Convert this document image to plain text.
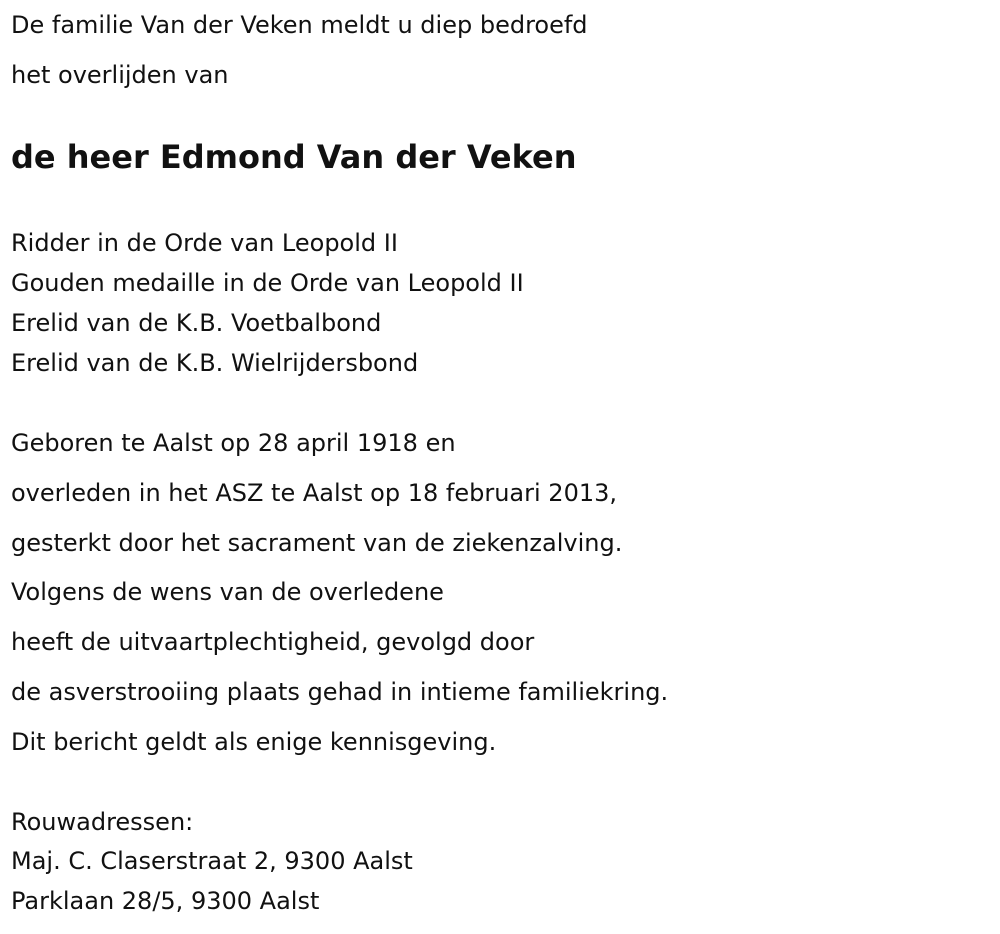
De familie Van der Veken meldt u diep bedroefd
het overlijden van
de heer Edmond Van der Veken
Ridder in de Orde van Leopold II
Gouden medaille in de Orde van Leopold II
Erelid van de K.B. Voetbalbond
Erelid van de K.B. Wielrijdersbond
Geboren te Aalst op 28 april 1918 en
overleden in het ASZ te Aalst op 18 februari 2013,
gesterkt door het sacrament van de ziekenzalving.
Volgens de wens van de overledene
heeft de uitvaartplechtigheid, gevolgd door
de asverstrooiing plaats gehad in intieme familiekring.
Dit bericht geldt als enige kennisgeving.
Rouwadressen:
Maj. C. Claserstraat 2, 9300 Aalst
Parklaan 28/5, 9300 Aalst
